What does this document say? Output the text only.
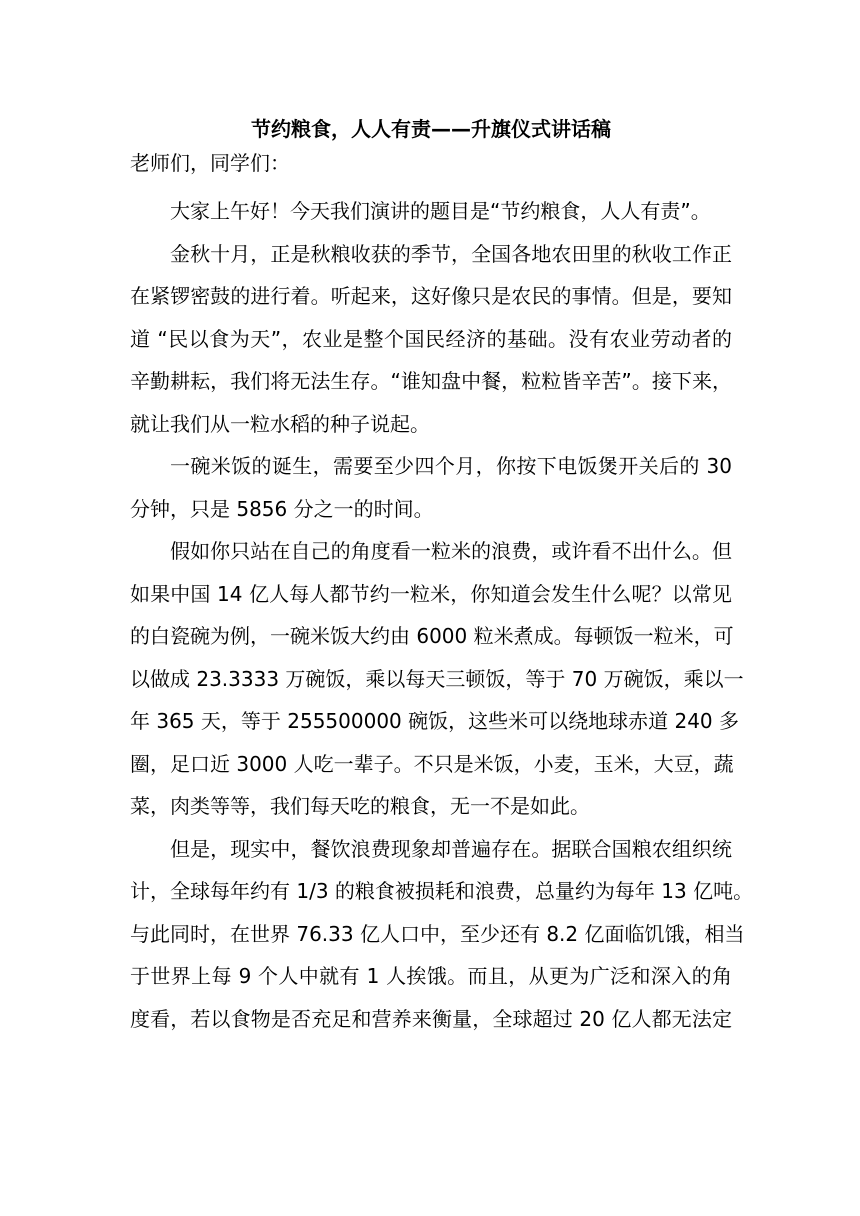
节约粮食，人人有责——升旗仪式讲话稿
老师们，同学们：
大家上午好！今天我们演讲的题目是“节约粮食，人人有责”。
金秋十月，正是秋粮收获的季节，全国各地农田里的秋收工作正
在紧锣密鼓的进行着。听起来，这好像只是农民的事情。但是，要知
道 “民以食为天”，农业是整个国民经济的基础。没有农业劳动者的
辛勤耕耘，我们将无法生存。“谁知盘中餐，粒粒皆辛苦”。接下来，
就让我们从一粒水稻的种子说起。
一碗米饭的诞生，需要至少四个月，你按下电饭煲开关后的 30
分钟，只是 5856 分之一的时间。
假如你只站在自己的角度看一粒米的浪费，或许看不出什么。但
如果中国 14 亿人每人都节约一粒米，你知道会发生什么呢？以常见
的白瓷碗为例，一碗米饭大约由 6000 粒米煮成。每顿饭一粒米，可
以做成 23.3333 万碗饭，乘以每天三顿饭，等于 70 万碗饭，乘以一
年 365 天，等于 255500000 碗饭，这些米可以绕地球赤道 240 多
圈，足口近 3000 人吃一辈子。不只是米饭，小麦，玉米，大豆，蔬
菜，肉类等等，我们每天吃的粮食，无一不是如此。
但是，现实中，餐饮浪费现象却普遍存在。据联合国粮农组织统
计，全球每年约有 1/3 的粮食被损耗和浪费，总量约为每年 13 亿吨。
与此同时，在世界 76.33 亿人口中，至少还有 8.2 亿面临饥饿，相当
于世界上每 9 个人中就有 1 人挨饿。而且，从更为广泛和深入的角
度看，若以食物是否充足和营养来衡量，全球超过 20 亿人都无法定
